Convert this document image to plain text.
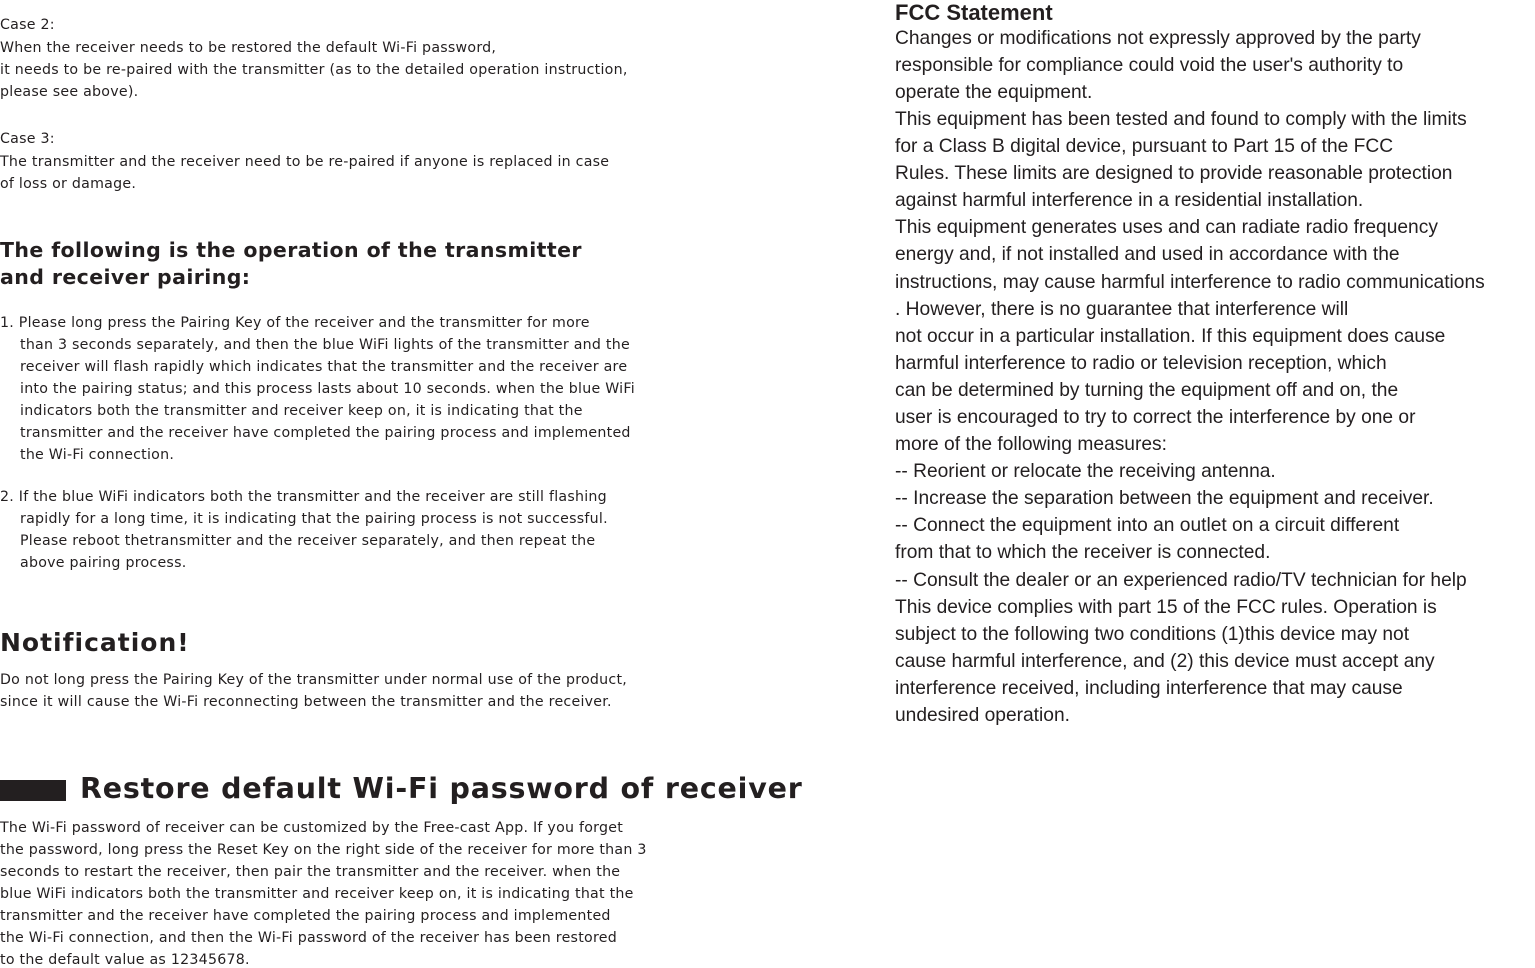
Case 2:
When the receiver needs to be restored the default Wi-Fi password,
it needs to be re-paired with the transmitter (as to the detailed operation instruction,
please see above).
Case 3:
The transmitter and the receiver need to be re-paired if anyone is replaced in case
of loss or damage.
The following is the operation of the transmitter
and receiver pairing:
1. Please long press the Pairing Key of the receiver and the transmitter for more
than 3 seconds separately, and then the blue WiFi lights of the transmitter and the
receiver will flash rapidly which indicates that the transmitter and the receiver are
into the pairing status; and this process lasts about 10 seconds. when the blue WiFi
indicators both the transmitter and receiver keep on, it is indicating that the
transmitter and the receiver have completed the pairing process and implemented
the Wi-Fi connection.
2. If the blue WiFi indicators both the transmitter and the receiver are still flashing
rapidly for a long time, it is indicating that the pairing process is not successful.
Please reboot thetransmitter and the receiver separately, and then repeat the
above pairing process.
Notification!
Do not long press the Pairing Key of the transmitter under normal use of the product,
since it will cause the Wi-Fi reconnecting between the transmitter and the receiver.
Restore default Wi-Fi password of receiver
The Wi-Fi password of receiver can be customized by the Free-cast App. If you forget
the password, long press the Reset Key on the right side of the receiver for more than 3
seconds to restart the receiver, then pair the transmitter and the receiver. when the
blue WiFi indicators both the transmitter and receiver keep on, it is indicating that the
transmitter and the receiver have completed the pairing process and implemented
the Wi-Fi connection, and then the Wi-Fi password of the receiver has been restored
to the default value as 12345678.
FCC Statement
Changes or modifications not expressly approved by the party
responsible for compliance could void the user's authority to
operate the equipment.
This equipment has been tested and found to comply with the limits
for a Class B digital device, pursuant to Part 15 of the FCC
Rules. These limits are designed to provide reasonable protection
against harmful interference in a residential installation.
This equipment generates uses and can radiate radio frequency
energy and, if not installed and used in accordance with the
instructions, may cause harmful interference to radio communications
. However, there is no guarantee that interference will
not occur in a particular installation. If this equipment does cause
harmful interference to radio or television reception, which
can be determined by turning the equipment off and on, the
user is encouraged to try to correct the interference by one or
more of the following measures:
-- Reorient or relocate the receiving antenna.
-- Increase the separation between the equipment and receiver.
-- Connect the equipment into an outlet on a circuit different
from that to which the receiver is connected.
-- Consult the dealer or an experienced radio/TV technician for help
This device complies with part 15 of the FCC rules. Operation is
subject to the following two conditions (1)this device may not
cause harmful interference, and (2) this device must accept any
interference received, including interference that may cause
undesired operation.
